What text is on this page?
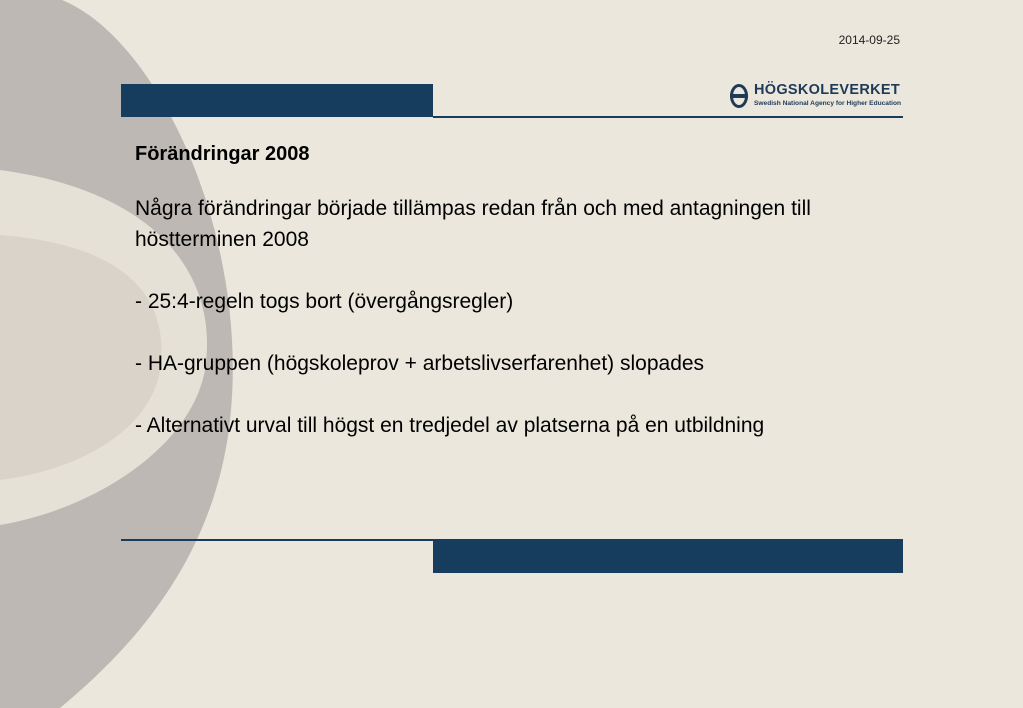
2014-09-25
HÖGSKOLEVERKET
Swedish National Agency for Higher Education
Förändringar 2008
Några förändringar började tillämpas redan från och med antagningen till höstterminen 2008
- 25:4-regeln togs bort (övergångsregler)
- HA-gruppen (högskoleprov + arbetslivserfarenhet) slopades
- Alternativt urval till högst en tredjedel av platserna på en utbildning
